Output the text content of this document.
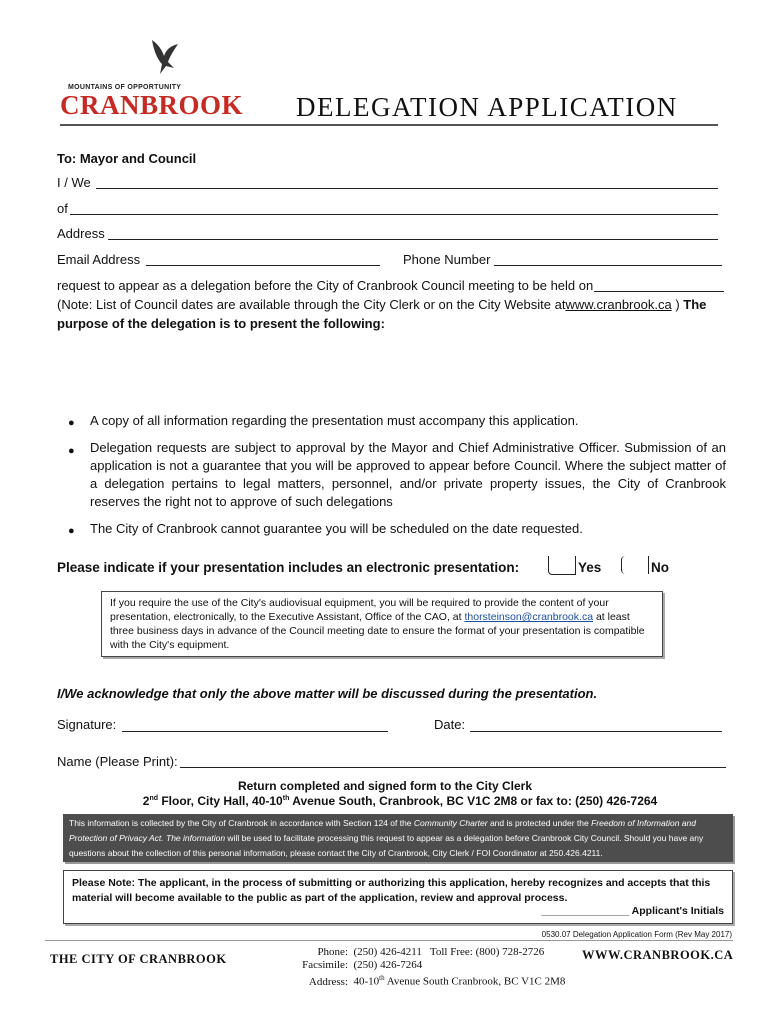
MOUNTAINS OF OPPORTUNITY
CRANBROOK DELEGATION APPLICATION
To: Mayor and Council
I / We
of
Address
Email Address	Phone Number
request to appear as a delegation before the City of Cranbrook Council meeting to be held on
(Note: List of Council dates are available through the City Clerk or on the City Website atwww.cranbrook.ca ) The
purpose of the delegation is to present the following:
● A copy of all information regarding the presentation must accompany this application.
● Delegation requests are subject to approval by the Mayor and Chief Administrative Officer. Submission of an application is not a guarantee that you will be approved to appear before Council. Where the subject matter of a delegation pertains to legal matters, personnel, and/or private property issues, the City of Cranbrook reserves the right not to approve of such delegations
● The City of Cranbrook cannot guarantee you will be scheduled on the date requested.
Please indicate if your presentation includes an electronic presentation:	Yes	No
If you require the use of the City's audiovisual equipment, you will be required to provide the content of your presentation, electronically, to the Executive Assistant, Office of the CAO, at thorsteinson@cranbrook.ca at least three business days in advance of the Council meeting date to ensure the format of your presentation is compatible with the City's equipment.
I/We acknowledge that only the above matter will be discussed during the presentation.
Signature:	Date:
Name (Please Print):
Return completed and signed form to the City Clerk
2nd Floor, City Hall, 40-10th Avenue South, Cranbrook, BC V1C 2M8 or fax to: (250) 426-7264
This information is collected by the City of Cranbrook in accordance with Section 124 of the Community Charter and is protected under the Freedom of Information and Protection of Privacy Act. The information will be used to facilitate processing this request to appear as a delegation before Cranbrook City Council. Should you have any questions about the collection of this personal information, please contact the City of Cranbrook, City Clerk / FOI Coordinator at 250.426.4211.
Please Note: The applicant, in the process of submitting or authorizing this application, hereby recognizes and accepts that this material will become available to the public as part of the application, review and approval process.
_______________ Applicant's Initials
0530.07 Delegation Application Form (Rev May 2017)
THE CITY OF CRANBROOK	Phone: (250) 426-4211 Toll Free: (800) 728-2726
Facsimile: (250) 426-7264
Address: 40-10th Avenue South Cranbrook, BC V1C 2M8
WWW.CRANBROOK.CA
